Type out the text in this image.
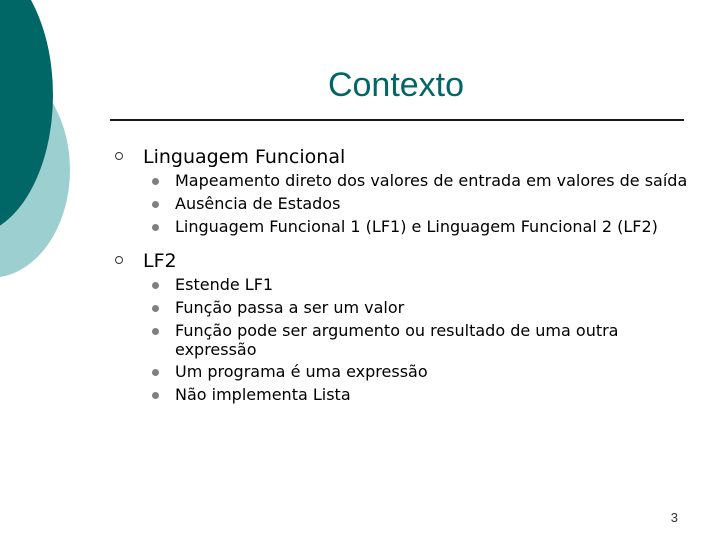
Contexto
Linguagem Funcional
Mapeamento direto dos valores de entrada em valores de saída
Ausência de Estados
Linguagem Funcional 1 (LF1) e Linguagem Funcional 2 (LF2)
LF2
Estende LF1
Função passa a ser um valor
Função pode ser argumento ou resultado de uma outra expressão
Um programa é uma expressão
Não implementa Lista
3
